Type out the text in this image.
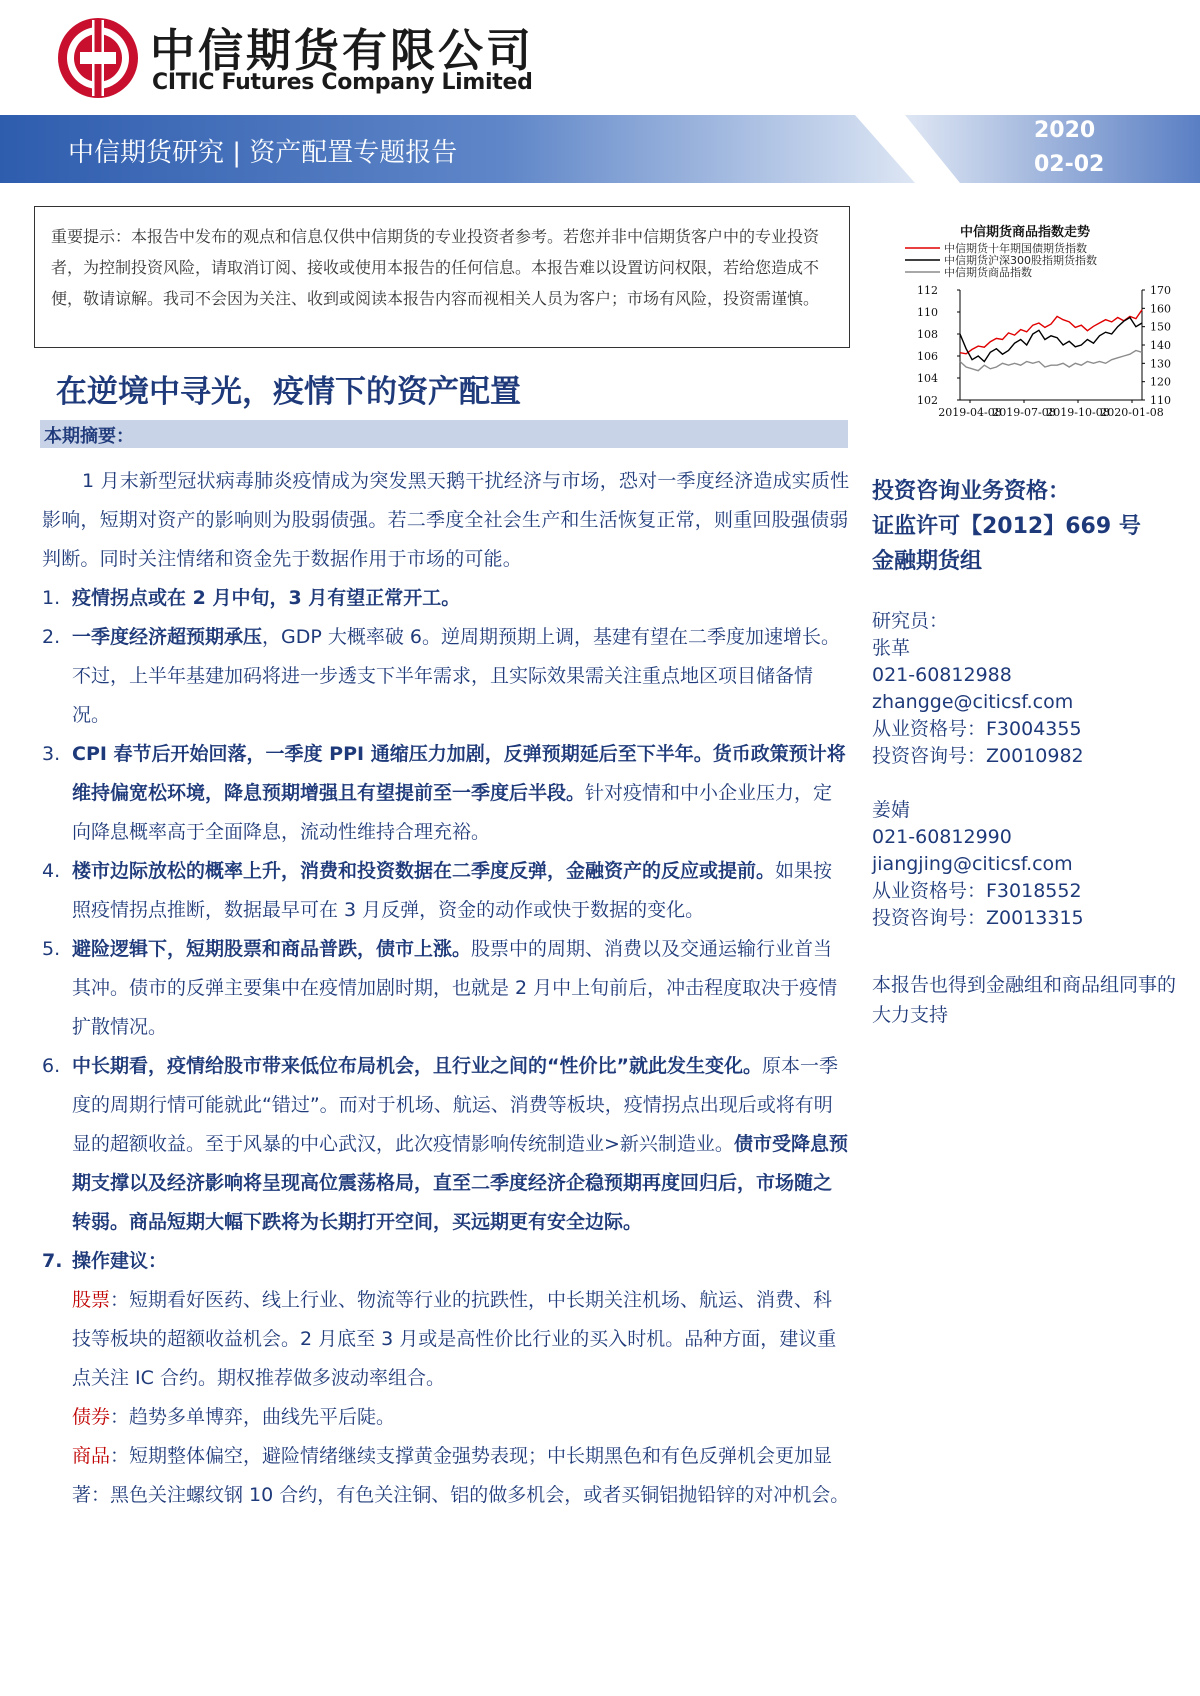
中信期货有限公司
CITIC Futures Company Limited
中信期货研究 | 资产配置专题报告
2020
02-02
重要提示：本报告中发布的观点和信息仅供中信期货的专业投资者参考。若您并非中信期货客户中的专业投资者，为控制投资风险，请取消订阅、接收或使用本报告的任何信息。本报告难以设置访问权限，若给您造成不便，敬请谅解。我司不会因为关注、收到或阅读本报告内容而视相关人员为客户；市场有风险，投资需谨慎。
在逆境中寻光，疫情下的资产配置
本期摘要：

1 月末新型冠状病毒肺炎疫情成为突发黑天鹅干扰经济与市场，恐对一季度经济造成实质性影响，短期对资产的影响则为股弱债强。若二季度全社会生产和生活恢复正常，则重回股强债弱判断。同时关注情绪和资金先于数据作用于市场的可能。

1. 疫情拐点或在 2 月中旬，3 月有望正常开工。

2. 一季度经济超预期承压，GDP 大概率破 6。逆周期预期上调，基建有望在二季度加速增长。不过，上半年基建加码将进一步透支下半年需求，且实际效果需关注重点地区项目储备情况。

3. CPI 春节后开始回落，一季度 PPI 通缩压力加剧，反弹预期延后至下半年。货币政策预计将维持偏宽松环境，降息预期增强且有望提前至一季度后半段。针对疫情和中小企业压力，定向降息概率高于全面降息，流动性维持合理充裕。

4. 楼市边际放松的概率上升，消费和投资数据在二季度反弹，金融资产的反应或提前。如果按照疫情拐点推断，数据最早可在 3 月反弹，资金的动作或快于数据的变化。

5. 避险逻辑下，短期股票和商品普跌，债市上涨。股票中的周期、消费以及交通运输行业首当其冲。债市的反弹主要集中在疫情加剧时期，也就是 2 月中上旬前后，冲击程度取决于疫情扩散情况。

6. 中长期看，疫情给股市带来低位布局机会，且行业之间的“性价比”就此发生变化。原本一季度的周期行情可能就此“错过”。而对于机场、航运、消费等板块，疫情拐点出现后或将有明显的超额收益。至于风暴的中心武汉，此次疫情影响传统制造业>新兴制造业。债市受降息预期支撑以及经济影响将呈现高位震荡格局，直至二季度经济企稳预期再度回归后，市场随之转弱。商品短期大幅下跌将为长期打开空间，买远期更有安全边际。

7. 操作建议：

股票：短期看好医药、线上行业、物流等行业的抗跌性，中长期关注机场、航运、消费、科技等板块的超额收益机会。2 月底至 3 月或是高性价比行业的买入时机。品种方面，建议重点关注 IC 合约。期权推荐做多波动率组合。

债券：趋势多单博弈，曲线先平后陡。

商品：短期整体偏空，避险情绪继续支撑黄金强势表现；中长期黑色和有色反弹机会更加显著：黑色关注螺纹钢 10 合约，有色关注铜、铝的做多机会，或者买铜铝抛铅锌的对冲机会。

中信期货商品指数走势
中信期货十年期国债期货指数
中信期货沪深300股指期货指数
中信期货商品指数
112
110
108
106
104
102
170
160
150
140
130
120
110
2019-04-08
2019-07-08
2019-10-08
2020-01-08
投资咨询业务资格：
证监许可【2012】669 号
金融期货组
研究员：
张革
021-60812988
zhangge@citicsf.com
从业资格号：F3004355
投资咨询号：Z0010982
姜婧
021-60812990
jiangjing@citicsf.com
从业资格号：F3018552
投资咨询号：Z0013315
本报告也得到金融组和商品组同事的大力支持
